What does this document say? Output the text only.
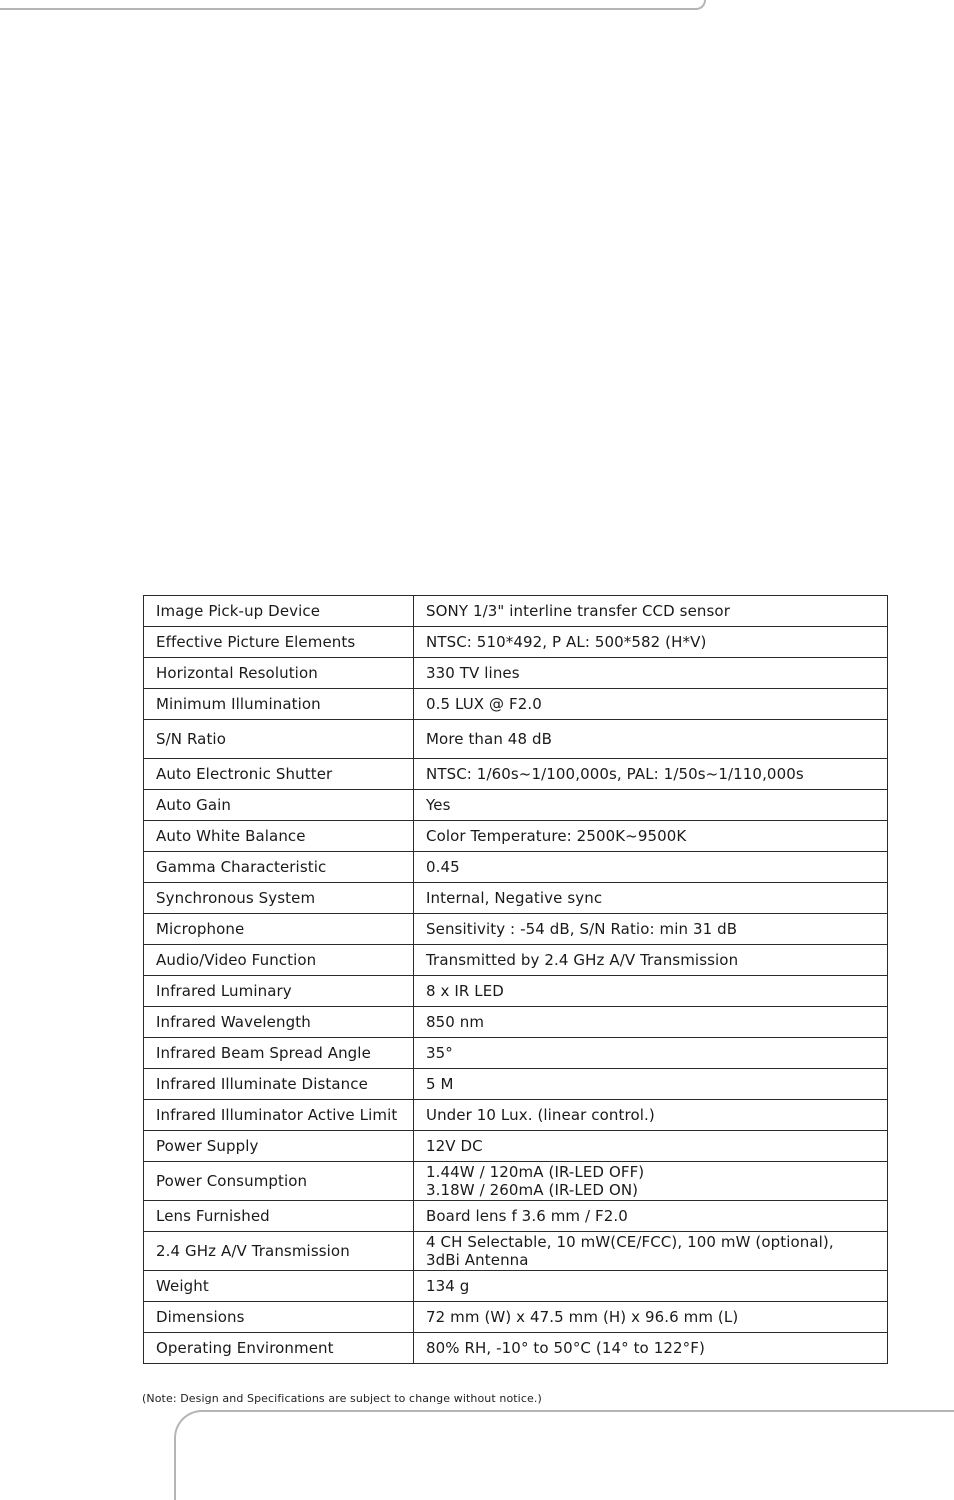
Image Pick-up Device	SONY 1/3" interline transfer CCD sensor

Effective Picture Elements	NTSC: 510*492, P AL: 500*582 (H*V)

Horizontal Resolution	330 TV lines

Minimum Illumination	0.5 LUX @ F2.0

S/N Ratio	More than 48 dB

Auto Electronic Shutter	NTSC: 1/60s~1/100,000s, PAL: 1/50s~1/110,000s

Auto Gain	Yes

Auto White Balance	Color Temperature: 2500K~9500K

Gamma Characteristic	0.45

Synchronous System	Internal, Negative sync

Microphone	Sensitivity : -54 dB, S/N Ratio: min 31 dB

Audio/Video Function	Transmitted by 2.4 GHz A/V Transmission

Infrared Luminary	8 x IR LED

Infrared Wavelength	850 nm

Infrared Beam Spread Angle	35°

Infrared Illuminate Distance	5 M

Infrared Illuminator Active Limit	Under 10 Lux. (linear control.)

Power Supply	12V DC

Power Consumption	1.44W / 120mA (IR-LED OFF)
3.18W / 260mA (IR-LED ON)

Lens Furnished	Board lens f 3.6 mm / F2.0

2.4 GHz A/V Transmission	4 CH Selectable, 10 mW(CE/FCC), 100 mW (optional),
3dBi Antenna

Weight	134 g

Dimensions	72 mm (W) x 47.5 mm (H) x 96.6 mm (L)

Operating Environment	80% RH, -10° to 50°C (14° to 122°F)
(Note: Design and Specifications are subject to change without notice.)
